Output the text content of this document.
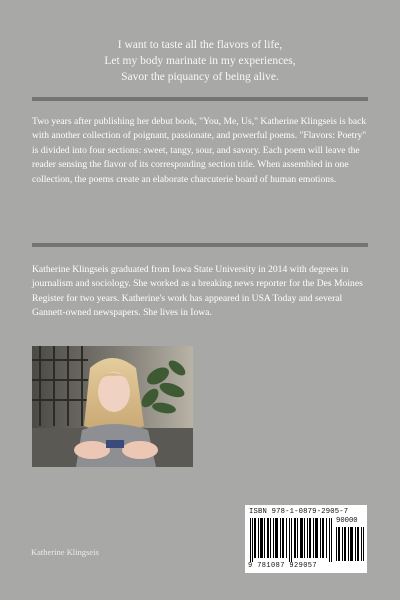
I want to taste all the flavors of life,
Let my body marinate in my experiences,
Savor the piquancy of being alive.
Two years after publishing her debut book, "You, Me, Us," Katherine Klingseis is back with another collection of poignant, passionate, and powerful poems. "Flavors: Poetry" is divided into four sections: sweet, tangy, sour, and savory. Each poem will leave the reader sensing the flavor of its corresponding section title. When assembled in one collection, the poems create an elaborate charcuterie board of human emotions.
Katherine Klingseis graduated from Iowa State University in 2014 with degrees in journalism and sociology. She worked as a breaking news reporter for the Des Moines Register for two years. Katherine's work has appeared in USA Today and several Gannett-owned newspapers. She lives in Iowa.
ISBN 978-1-0879-2905-7
90000
9 781087 929057
Katherine Klingseis
